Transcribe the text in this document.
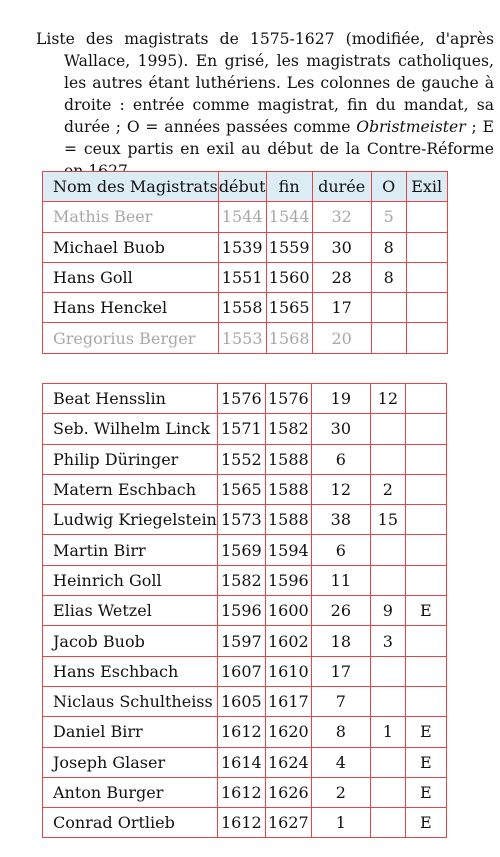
Liste des magistrats de 1575-1627 (modifiée, d'après Wallace, 1995). En grisé, les magistrats catholiques, les autres étant luthériens. Les colonnes de gauche à droite : entrée comme magistrat, fin du mandat, sa durée ; O = années passées comme Obristmeister ; E = ceux partis en exil au début de la Contre-Réforme

Nom des Magistrats	début	fin	durée	O	Exil
Mathis Beer	1544	1544	32	5	
Michael Buob	1539	1559	30	8	
Hans Goll	1551	1560	28	8	
Hans Henckel	1558	1565	17		
Gregorius Berger	1553	1568	20		
Beat Hensslin	1576	1576	19	12	
Seb. Wilhelm Linck	1571	1582	30		
Philip Düringer	1552	1588	6		
Matern Eschbach	1565	1588	12	2	
Ludwig Kriegelstein	1573	1588	38	15	
Martin Birr	1569	1594	6		
Heinrich Goll	1582	1596	11		
Elias Wetzel	1596	1600	26	9	E
Jacob Buob	1597	1602	18	3	
Hans Eschbach	1607	1610	17		
Niclaus Schultheiss	1605	1617	7		
Daniel Birr	1612	1620	8	1	E
Joseph Glaser	1614	1624	4		E
Anton Burger	1612	1626	2		E
Conrad Ortlieb	1612	1627	1		E
